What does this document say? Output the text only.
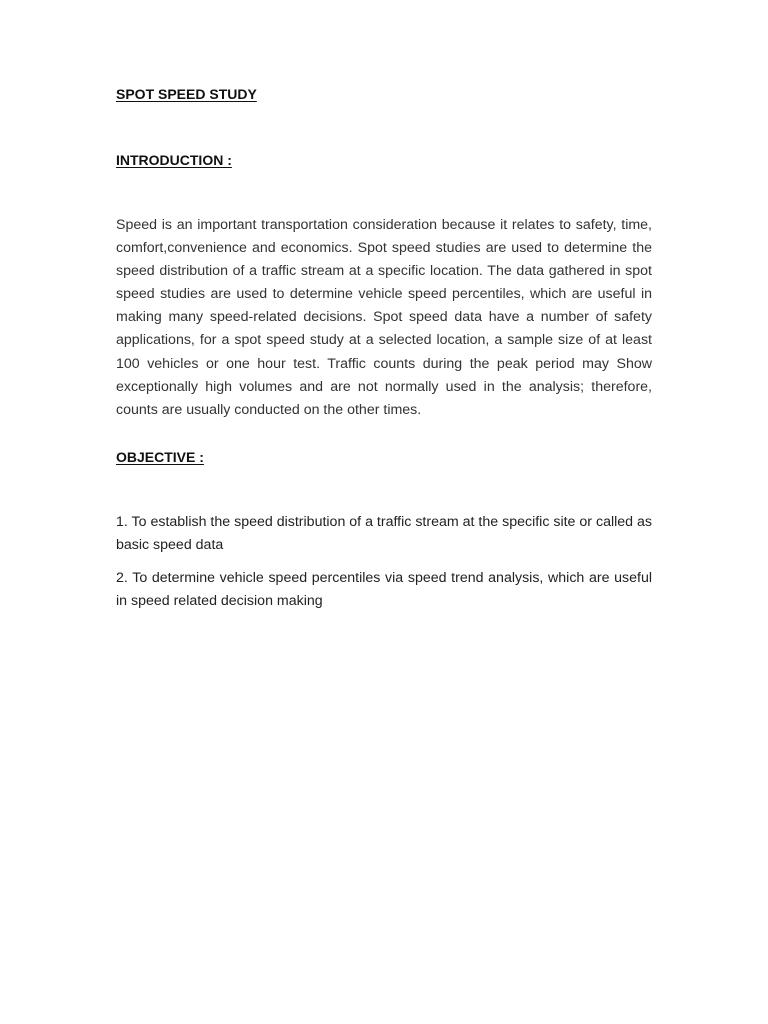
SPOT SPEED STUDY
INTRODUCTION :

Speed is an important transportation consideration because it relates to safety, time, comfort,convenience and economics. Spot speed studies are used to determine the speed distribution of a traffic stream at a specific location. The data gathered in spot speed studies are used to determine vehicle speed percentiles, which are useful in making many speed-related decisions. Spot speed data have a number of safety applications, for a spot speed study at a selected location, a sample size of at least 100 vehicles or one hour test. Traffic counts during the peak period may Show exceptionally high volumes and are not normally used in the analysis; therefore, counts are usually conducted on the other times.

OBJECTIVE :

1. To establish the speed distribution of a traffic stream at the specific site or called as basic speed data

2. To determine vehicle speed percentiles via speed trend analysis, which are useful in speed related decision making
